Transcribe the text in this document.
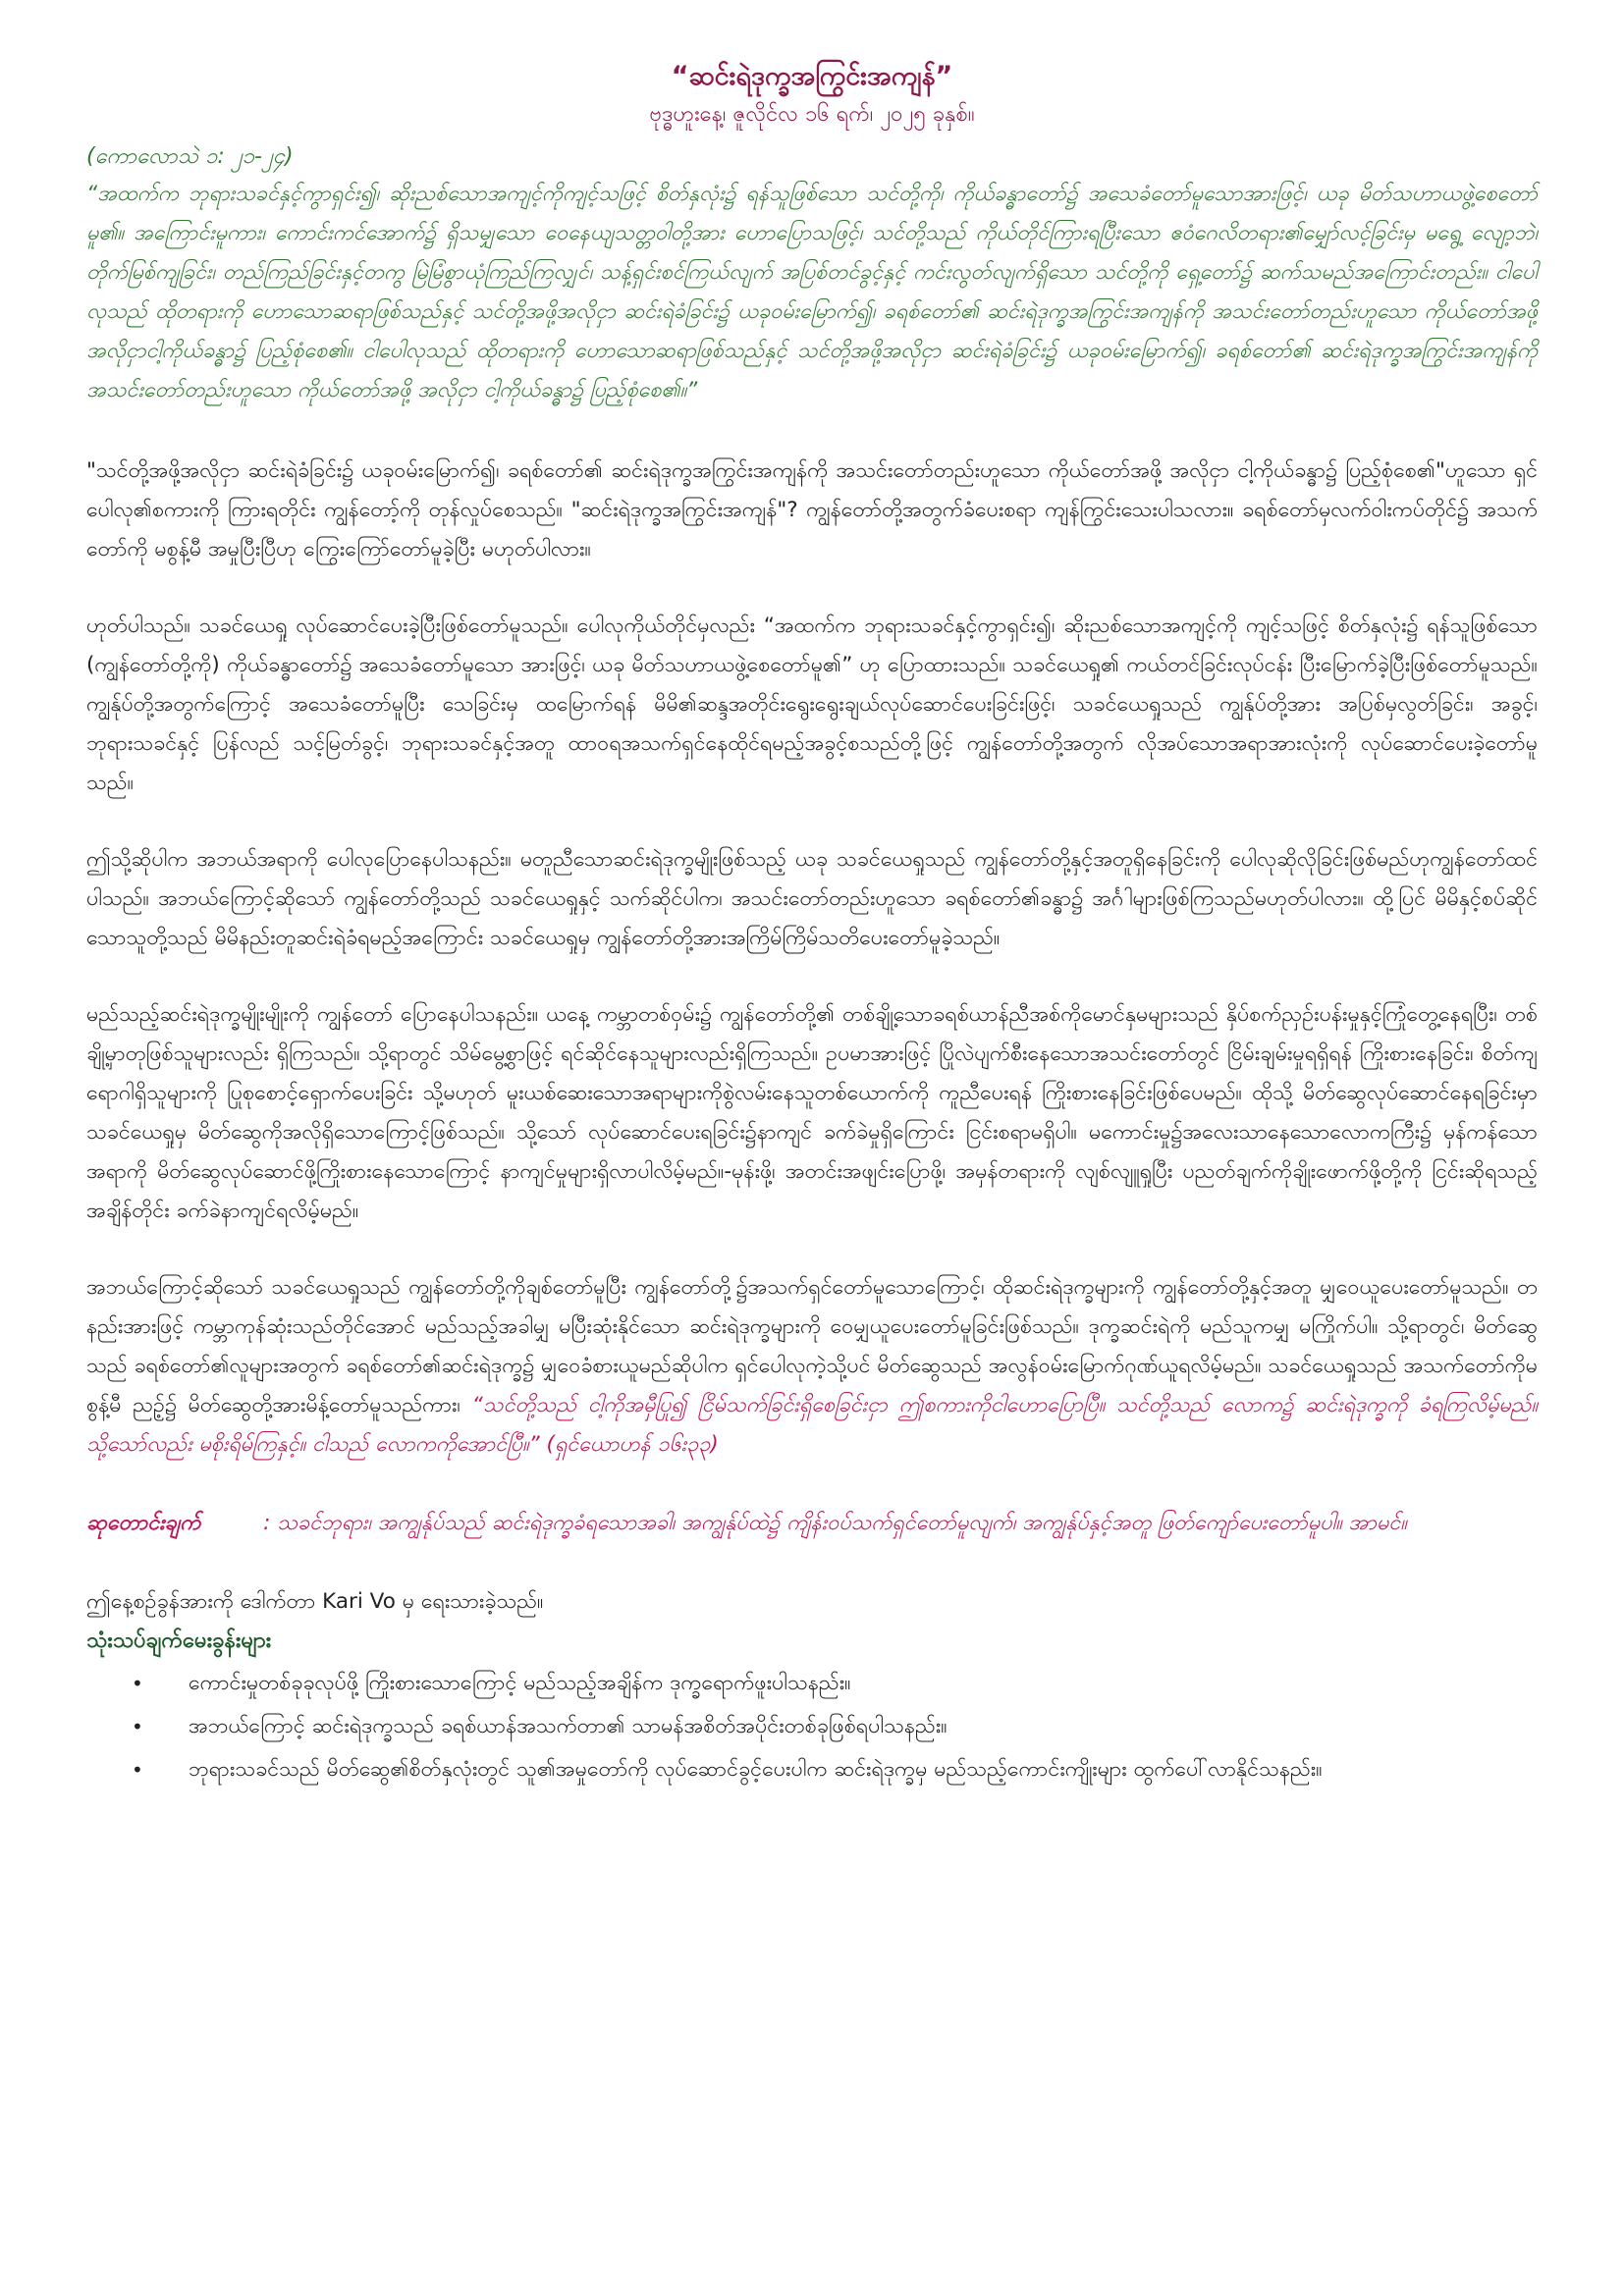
“ဆင်းရဲဒုက္ခအကြွင်းအကျန်”

ဗုဒ္ဓဟူးနေ့၊ ဇူလိုင်လ ၁၆ ရက်၊ ၂၀၂၅ ခုနှစ်။

(ကောလောသဲ ၁: ၂၁-၂၄)

“အထက်က ဘုရားသခင်နှင့်ကွာရှင်း၍၊ ဆိုးညစ်သောအကျင့်ကိုကျင့်သဖြင့် စိတ်နှလုံး၌ ရန်သူဖြစ်သော သင်တို့ကို၊ ကိုယ်ခန္ဓာတော်၌ အသေခံတော်မူသောအားဖြင့်၊ ယခု မိတ်သဟာယဖွဲ့စေတော်မူ၏။ အကြောင်းမူကား၊ ကောင်းကင်အောက်၌ ရှိသမျှသော ဝေနေယျသတ္တဝါတို့အား ဟောပြောသဖြင့်၊ သင်တို့သည် ကိုယ်တိုင်ကြားရပြီးသော ဧဝံဂေလိတရား၏မျှော်လင့်ခြင်းမှ မရွေ့ လျော့ဘဲ၊ တိုက်မြစ်ကျခြင်း၊ တည်ကြည်ခြင်းနှင့်တကွ မြဲမြံစွာယုံကြည်ကြလျှင်၊ သန့်ရှင်းစင်ကြယ်လျက် အပြစ်တင်ခွင့်နှင့် ကင်းလွတ်လျက်ရှိသော သင်တို့ကို ရှေ့တော်၌ ဆက်သမည်အကြောင်းတည်း။ ငါပေါလုသည် ထိုတရားကို ဟောသောဆရာဖြစ်သည်နှင့် သင်တို့အဖို့အလိုငှာ ဆင်းရဲခံခြင်း၌ ယခုဝမ်းမြောက်၍၊ ခရစ်တော်၏ ဆင်းရဲဒုက္ခအကြွင်းအကျန်ကို အသင်းတော်တည်းဟူသော ကိုယ်တော်အဖို့ အလိုငှာငါ့ကိုယ်ခန္ဓာ၌ ပြည့်စုံစေ၏။ ငါပေါလုသည် ထိုတရားကို ဟောသောဆရာဖြစ်သည်နှင့် သင်တို့အဖို့အလိုငှာ ဆင်းရဲခံခြင်း၌ ယခုဝမ်းမြောက်၍၊ ခရစ်တော်၏ ဆင်းရဲဒုက္ခအကြွင်းအကျန်ကို အသင်းတော်တည်းဟူသော ကိုယ်တော်အဖို့ အလိုငှာ ငါ့ကိုယ်ခန္ဓာ၌ ပြည့်စုံစေ၏။”

"သင်တို့အဖို့အလိုငှာ ဆင်းရဲခံခြင်း၌ ယခုဝမ်းမြောက်၍၊ ခရစ်တော်၏ ဆင်းရဲဒုက္ခအကြွင်းအကျန်ကို အသင်းတော်တည်းဟူသော ကိုယ်တော်အဖို့ အလိုငှာ ငါ့ကိုယ်ခန္ဓာ၌ ပြည့်စုံစေ၏"ဟူသော ရှင်ပေါလု၏စကားကို ကြားရတိုင်း ကျွန်တော့်ကို တုန်လှုပ်စေသည်။ "ဆင်းရဲဒုက္ခအကြွင်းအကျန်"? ကျွန်တော်တို့အတွက်ခံပေးစရာ ကျန်ကြွင်းသေးပါသလား။ ခရစ်တော်မှလက်ဝါးကပ်တိုင်၌ အသက်တော်ကို မစွန့်မီ အမှုပြီးပြီဟု ကြွေးကြော်တော်မူခဲ့ပြီး မဟုတ်ပါလား။

ဟုတ်ပါသည်။ သခင်ယေရှု လုပ်ဆောင်ပေးခဲ့ပြီးဖြစ်တော်မူသည်။ ပေါလုကိုယ်တိုင်မှလည်း “အထက်က ဘုရားသခင်နှင့်ကွာရှင်း၍၊ ဆိုးညစ်သောအကျင့်ကို ကျင့်သဖြင့် စိတ်နှလုံး၌ ရန်သူဖြစ်သော (ကျွန်တော်တို့ကို) ကိုယ်ခန္ဓာတော်၌ အသေခံတော်မူသော အားဖြင့်၊ ယခု မိတ်သဟာယဖွဲ့စေတော်မူ၏” ဟု ပြောထားသည်။ သခင်ယေရှု၏ ကယ်တင်ခြင်းလုပ်ငန်း ပြီးမြောက်ခဲ့ပြီးဖြစ်တော်မူသည်။ ကျွန်ုပ်တို့အတွက်ကြောင့် အသေခံတော်မူပြီး သေခြင်းမှ ထမြောက်ရန် မိမိ၏ဆန္ဒအတိုင်းရွေးရွေးချယ်လုပ်ဆောင်ပေးခြင်းဖြင့်၊ သခင်ယေရှုသည် ကျွန်ုပ်တို့အား အပြစ်မှလွတ်ခြင်း၊ အခွင့်၊ ဘုရားသခင်နှင့် ပြန်လည် သင့်မြတ်ခွင့်၊ ဘုရားသခင်နှင့်အတူ ထာဝရအသက်ရှင်နေထိုင်ရမည့်အခွင့်စသည်တို့ဖြင့် ကျွန်တော်တို့အတွက် လိုအပ်သောအရာအားလုံးကို လုပ်ဆောင်ပေးခဲ့တော်မူသည်။

ဤသို့ဆိုပါက အဘယ်အရာကို ပေါလုပြောနေပါသနည်း။ မတူညီသောဆင်းရဲဒုက္ခမျိုးဖြစ်သည့် ယခု သခင်ယေရှုသည် ကျွန်တော်တို့နှင့်အတူရှိနေခြင်းကို ပေါလုဆိုလိုခြင်းဖြစ်မည်ဟုကျွန်တော်ထင်ပါသည်။ အဘယ်ကြောင့်ဆိုသော် ကျွန်တော်တို့သည် သခင်ယေရှုနှင့် သက်ဆိုင်ပါက၊ အသင်းတော်တည်းဟူသော ခရစ်တော်၏ခန္ဓာ၌ အင်္ဂါများဖြစ်ကြသည်မဟုတ်ပါလား။ ထို့ပြင် မိမိနှင့်စပ်ဆိုင်သောသူတို့သည် မိမိနည်းတူဆင်းရဲခံရမည့်အကြောင်း သခင်ယေရှုမှ ကျွန်တော်တို့အားအကြိမ်ကြိမ်သတိပေးတော်မူခဲ့သည်။

မည်သည့်ဆင်းရဲဒုက္ခမျိုးမျိုးကို ကျွန်တော် ပြောနေပါသနည်း။ ယနေ့ ကမ္ဘာတစ်ဝှမ်း၌ ကျွန်တော်တို့၏ တစ်ချို့သောခရစ်ယာန်ညီအစ်ကိုမောင်နှမများသည် နှိပ်စက်ညှဉ်းပန်းမှုနှင့်ကြုံတွေ့နေရပြီး၊ တစ်ချို့မှာ‌တုဖြစ်သူများလည်း ရှိကြသည်။ သို့ရာတွင် သိမ်မွေ့စွာဖြင့် ရင်ဆိုင်နေသူများလည်းရှိကြသည်။ ဥပမာအားဖြင့် ပြိုလဲပျက်စီးနေသောအသင်းတော်တွင် ငြိမ်းချမ်းမှုရရှိရန် ကြိုးစားနေခြင်း၊ စိတ်ကျရောဂါရှိသူများကို ပြုစုစောင့်ရှောက်ပေးခြင်း သို့မဟုတ် မူးယစ်ဆေးသောအရာများကိုစွဲလမ်းနေသူတစ်ယောက်ကို ကူညီပေးရန် ကြိုးစားနေခြင်းဖြစ်ပေမည်။ ထိုသို့ မိတ်ဆွေလုပ်ဆောင်နေရခြင်းမှာ သခင်ယေရှုမှ မိတ်ဆွေကိုအလိုရှိသောကြောင့်ဖြစ်သည်။ သို့သော် လုပ်ဆောင်ပေးရခြင်း၌နာကျင် ခက်ခဲမှုရှိကြောင်း ငြင်းစရာမရှိပါ။ မကောင်းမှု၌အလေးသာနေသောလောကကြီး၌ မှန်ကန်သောအရာကို မိတ်ဆွေလုပ်ဆောင်ဖို့ကြိုးစားနေသောကြောင့် နာကျင်မှုများရှိလာပါလိမ့်မည်။-မုန်းဖို့၊ အတင်းအဖျင်းပြောဖို့၊ အမှန်တရားကို လျစ်လျူရှုပြီး ပညတ်ချက်ကိုချိုးဖောက်ဖို့တို့ကို ငြင်းဆိုရသည့်အချိန်တိုင်း ခက်ခဲနာကျင်ရလိမ့်မည်။

အဘယ်ကြောင့်ဆိုသော် သခင်ယေရှုသည် ကျွန်တော်တို့ကိုချစ်တော်မူပြီး ကျွန်တော်တို့၌အသက်ရှင်တော်မူသောကြောင့်၊ ထိုဆင်းရဲဒုက္ခများကို ကျွန်တော်တို့နှင့်အတူ မျှဝေယူပေးတော်မူသည်။ တနည်းအားဖြင့် ကမ္ဘာကုန်ဆုံးသည်တိုင်အောင် မည်သည့်အခါမျှ မပြီးဆုံးနိုင်သော ဆင်းရဲဒုက္ခများကို ဝေမျှယူပေးတော်မူခြင်းဖြစ်သည်။ ဒုက္ခဆင်းရဲကို မည်သူကမျှ မကြိုက်ပါ။ သို့ရာတွင်၊ မိတ်ဆွေသည် ခရစ်တော်၏လူများအတွက် ခရစ်တော်၏ဆင်းရဲဒုက္ခ၌ မျှဝေခံစားယူမည်ဆိုပါက ရှင်ပေါလုကဲ့သို့ပင် မိတ်ဆွေသည် အလွန်ဝမ်းမြောက်ဂုဏ်ယူရလိမ့်မည်။ သခင်ယေရှုသည် အသက်တော်ကိုမစွန့်မီ ညဉ့်၌ မိတ်ဆွေတို့အားမိန့်တော်မူသည်ကား၊ “သင်တို့သည် ငါ့ကိုအမှီပြု၍ ငြိမ်သက်ခြင်းရှိစေခြင်းငှာ ဤစကားကိုငါဟောပြောပြီ။ သင်တို့သည် လောက၌ ဆင်းရဲဒုက္ခကို ခံရကြလိမ့်မည်။ သို့သော်လည်း မစိုးရိမ်ကြနှင့်။ ငါသည် လောကကိုအောင်ပြီ။” (ရှင်ယောဟန် ၁၆း၃၃)

ဆုတောင်းချက်	: သခင်ဘုရား၊ အကျွန်ုပ်သည် ဆင်းရဲဒုက္ခခံရသောအခါ၊ အကျွန်ုပ်ထဲ၌ ကျိန်းဝပ်သက်ရှင်တော်မူလျက်၊ အကျွန်ုပ်နှင့်အတူ ဖြတ်ကျော်ပေးတော်မူပါ။ အာမင်။

ဤနေ့စဉ်ခွန်အားကို ဒေါက်တာ Kari Vo မှ ရေးသားခဲ့သည်။

သုံးသပ်ချက်မေးခွန်းများ

• ကောင်းမှုတစ်ခုခုလုပ်ဖို့ ကြိုးစားသောကြောင့် မည်သည့်အချိန်က ဒုက္ခရောက်ဖူးပါသနည်း။
• အဘယ်ကြောင့် ဆင်းရဲဒုက္ခသည် ခရစ်ယာန်အသက်တာ၏ သာမန်အစိတ်အပိုင်းတစ်ခုဖြစ်ရပါသနည်း။
• ဘုရားသခင်သည် မိတ်ဆွေ၏စိတ်နှလုံးတွင် သူ၏အမှုတော်ကို လုပ်ဆောင်ခွင့်ပေးပါက ဆင်းရဲဒုက္ခမှ မည်သည့်ကောင်းကျိုးများ ထွက်ပေါ်လာနိုင်သနည်း။
